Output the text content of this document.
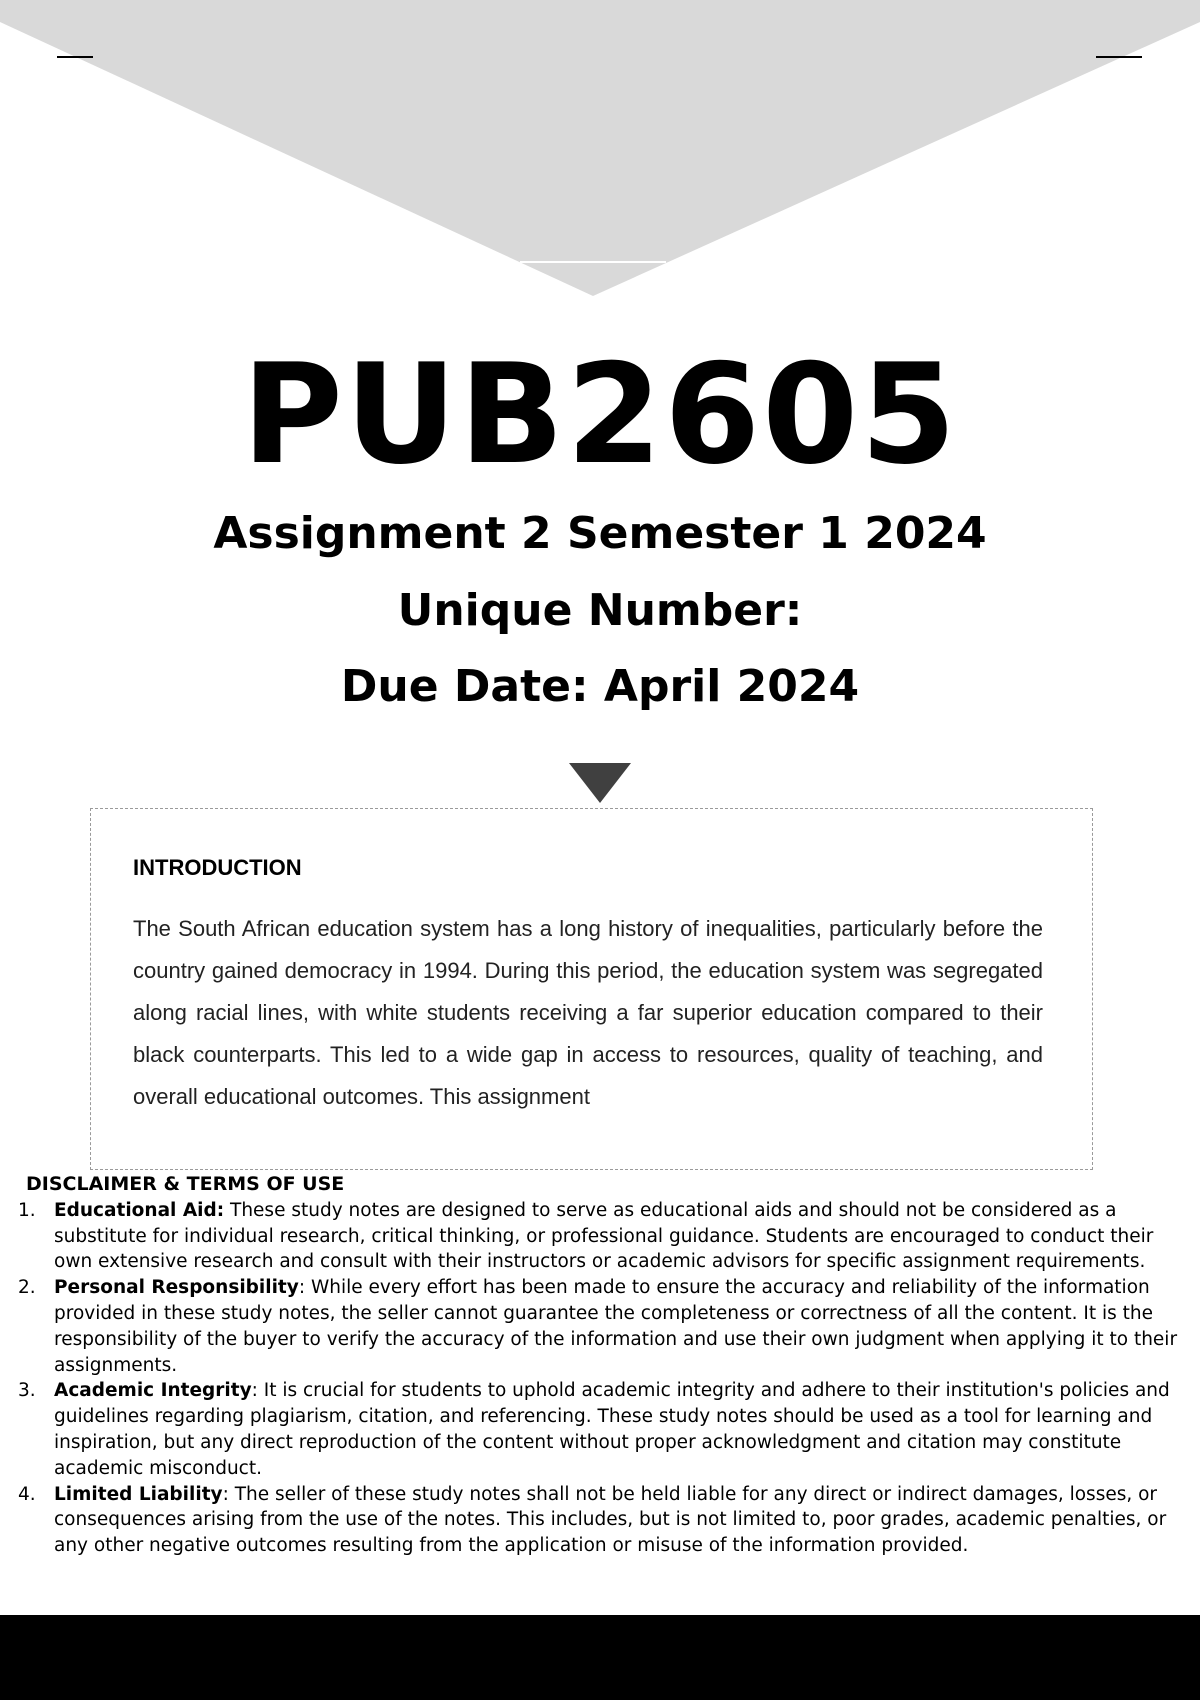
PUB2605
Assignment 2 Semester 1 2024
Unique Number:
Due Date: April 2024
INTRODUCTION

The South African education system has a long history of inequalities, particularly before the country gained democracy in 1994. During this period, the education system was segregated along racial lines, with white students receiving a far superior education compared to their black counterparts. This led to a wide gap in access to resources, quality of teaching, and overall educational outcomes. This assignment

DISCLAIMER & TERMS OF USE
1. Educational Aid: These study notes are designed to serve as educational aids and should not be considered as a substitute for individual research, critical thinking, or professional guidance. Students are encouraged to conduct their own extensive research and consult with their instructors or academic advisors for specific assignment requirements.
2. Personal Responsibility: While every effort has been made to ensure the accuracy and reliability of the information provided in these study notes, the seller cannot guarantee the completeness or correctness of all the content. It is the responsibility of the buyer to verify the accuracy of the information and use their own judgment when applying it to their assignments.
3. Academic Integrity: It is crucial for students to uphold academic integrity and adhere to their institution's policies and guidelines regarding plagiarism, citation, and referencing. These study notes should be used as a tool for learning and inspiration, but any direct reproduction of the content without proper acknowledgment and citation may constitute academic misconduct.
4. Limited Liability: The seller of these study notes shall not be held liable for any direct or indirect damages, losses, or consequences arising from the use of the notes. This includes, but is not limited to, poor grades, academic penalties, or any other negative outcomes resulting from the application or misuse of the information provided.
